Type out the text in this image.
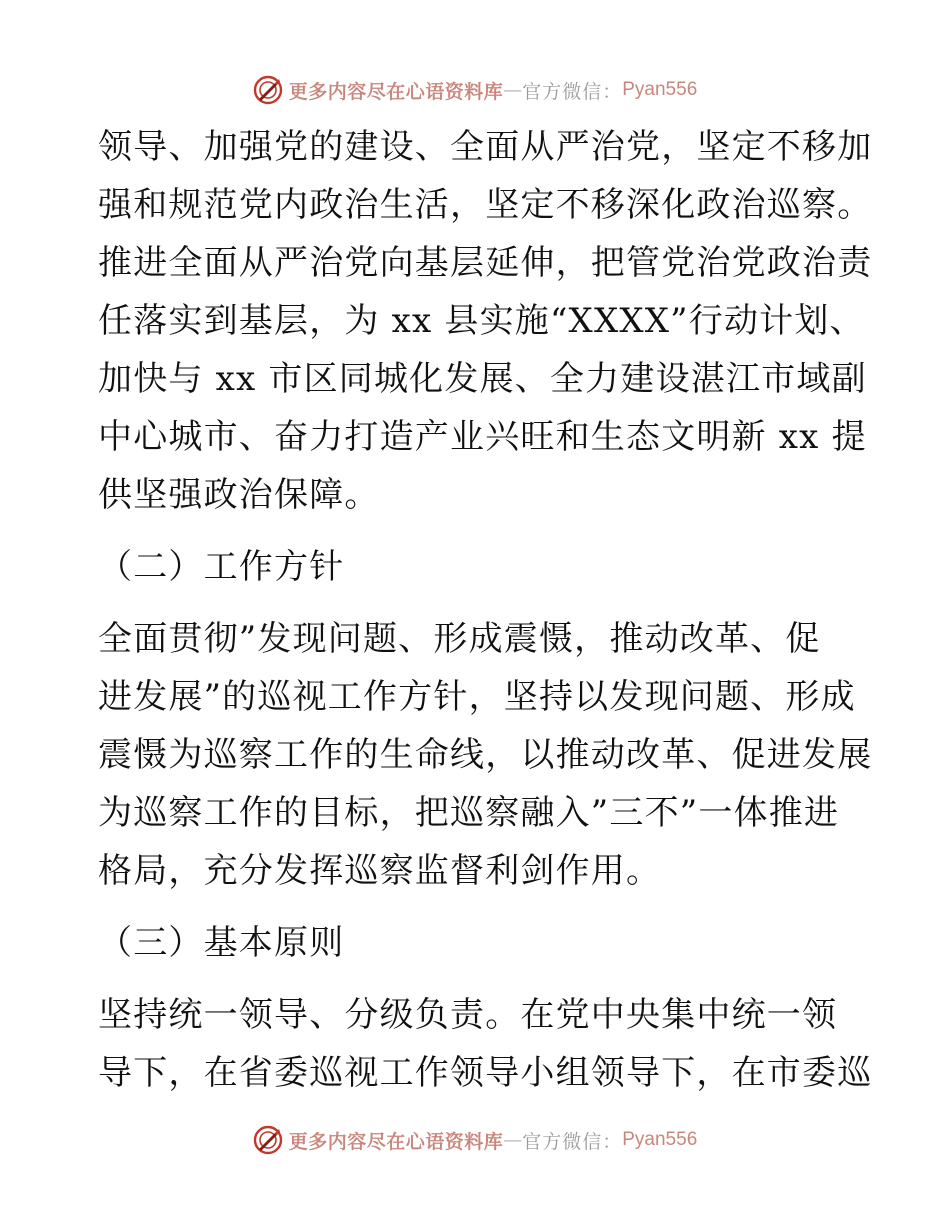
更多内容尽在心语资料库 — 官方微信： Pyan556
领导、加强党的建设、全面从严治党，坚定不移加
强和规范党内政治生活，坚定不移深化政治巡察。
推进全面从严治党向基层延伸，把管党治党政治责
任落实到基层，为 xx 县实施“XXXX”行动计划、
加快与 xx 市区同城化发展、全力建设湛江市域副
中心城市、奋力打造产业兴旺和生态文明新 xx 提
供坚强政治保障。
（二）工作方针
全面贯彻”发现问题、形成震慑，推动改革、促
进发展”的巡视工作方针，坚持以发现问题、形成
震慑为巡察工作的生命线，以推动改革、促进发展
为巡察工作的目标，把巡察融入”三不”一体推进
格局，充分发挥巡察监督利剑作用。
（三）基本原则
坚持统一领导、分级负责。在党中央集中统一领
导下，在省委巡视工作领导小组领导下，在市委巡
更多内容尽在心语资料库 — 官方微信： Pyan556
